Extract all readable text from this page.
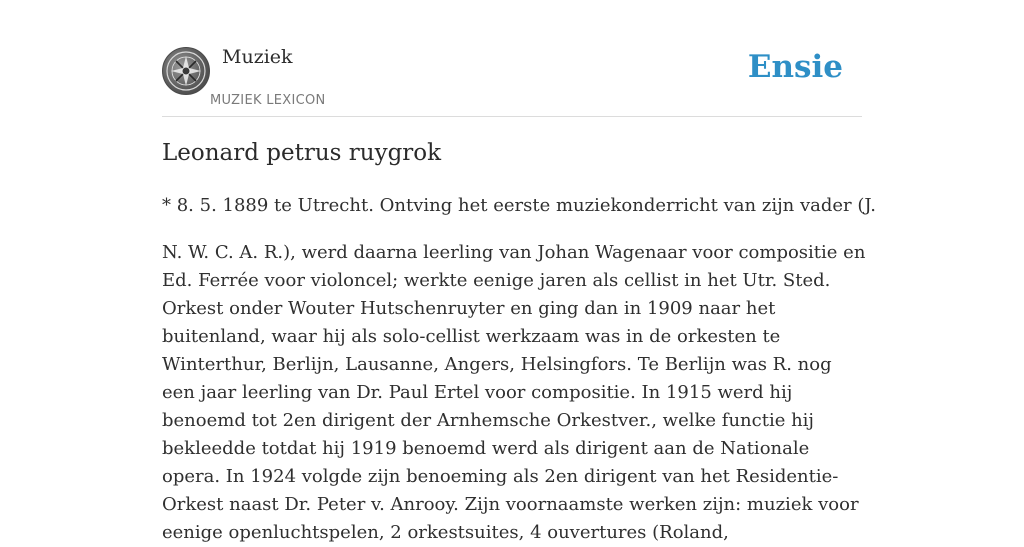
Muziek
MUZIEK LEXICON
Ensie
Leonard petrus ruygrok

* 8. 5. 1889 te Utrecht. Ontving het eerste muziekonderricht van zijn vader (J.

N. W. C. A. R.), werd daarna leerling van Johan Wagenaar voor compositie en Ed. Ferrée voor violoncel; werkte eenige jaren als cellist in het Utr. Sted. Orkest onder Wouter Hutschenruyter en ging dan in 1909 naar het buitenland, waar hij als solo-cellist werkzaam was in de orkesten te Winterthur, Berlijn, Lausanne, Angers, Helsingfors. Te Berlijn was R. nog een jaar leerling van Dr. Paul Ertel voor compositie. In 1915 werd hij benoemd tot 2en dirigent der Arnhemsche Orkestver., welke functie hij bekleedde totdat hij 1919 benoemd werd als dirigent aan de Nationale opera. In 1924 volgde zijn benoeming als 2en dirigent van het Residentie-Orkest naast Dr. Peter v. Anrooy. Zijn voornaamste werken zijn: muziek voor eenige openluchtspelen, 2 orkestsuites, 4 ouvertures (Roland,
